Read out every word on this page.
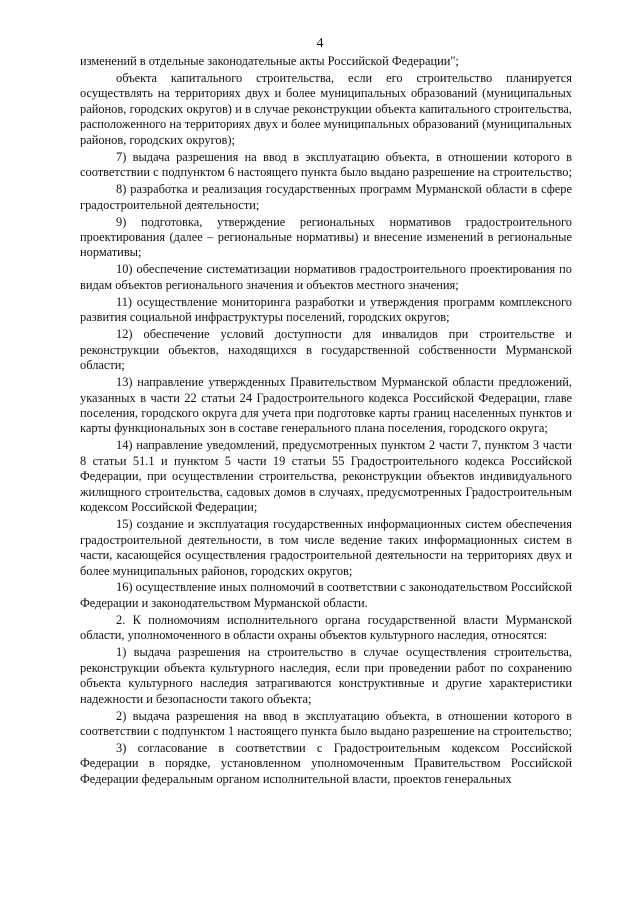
4

изменений в отдельные законодательные акты Российской Федерации";

объекта капитального строительства, если его строительство планируется осуществлять на территориях двух и более муниципальных образований (муниципальных районов, городских округов) и в случае реконструкции объекта капитального строительства, расположенного на территориях двух и более муниципальных образований (муниципальных районов, городских округов);

7) выдача разрешения на ввод в эксплуатацию объекта, в отношении которого в соответствии с подпунктом 6 настоящего пункта было выдано разрешение на строительство;

8) разработка и реализация государственных программ Мурманской области в сфере градостроительной деятельности;

9) подготовка, утверждение региональных нормативов градостроительного проектирования (далее – региональные нормативы) и внесение изменений в региональные нормативы;

10) обеспечение систематизации нормативов градостроительного проектирования по видам объектов регионального значения и объектов местного значения;

11) осуществление мониторинга разработки и утверждения программ комплексного развития социальной инфраструктуры поселений, городских округов;

12) обеспечение условий доступности для инвалидов при строительстве и реконструкции объектов, находящихся в государственной собственности Мурманской области;

13) направление утвержденных Правительством Мурманской области предложений, указанных в части 22 статьи 24 Градостроительного кодекса Российской Федерации, главе поселения, городского округа для учета при подготовке карты границ населенных пунктов и карты функциональных зон в составе генерального плана поселения, городского округа;

14) направление уведомлений, предусмотренных пунктом 2 части 7, пунктом 3 части 8 статьи 51.1 и пунктом 5 части 19 статьи 55 Градостроительного кодекса Российской Федерации, при осуществлении строительства, реконструкции объектов индивидуального жилищного строительства, садовых домов в случаях, предусмотренных Градостроительным кодексом Российской Федерации;

15) создание и эксплуатация государственных информационных систем обеспечения градостроительной деятельности, в том числе ведение таких информационных систем в части, касающейся осуществления градостроительной деятельности на территориях двух и более муниципальных районов, городских округов;

16) осуществление иных полномочий в соответствии с законодательством Российской Федерации и законодательством Мурманской области.

2. К полномочиям исполнительного органа государственной власти Мурманской области, уполномоченного в области охраны объектов культурного наследия, относятся:

1) выдача разрешения на строительство в случае осуществления строительства, реконструкции объекта культурного наследия, если при проведении работ по сохранению объекта культурного наследия затрагиваются конструктивные и другие характеристики надежности и безопасности такого объекта;

2) выдача разрешения на ввод в эксплуатацию объекта, в отношении которого в соответствии с подпунктом 1 настоящего пункта было выдано разрешение на строительство;

3) согласование в соответствии с Градостроительным кодексом Российской Федерации в порядке, установленном уполномоченным Правительством Российской Федерации федеральным органом исполнительной власти, проектов генеральных
